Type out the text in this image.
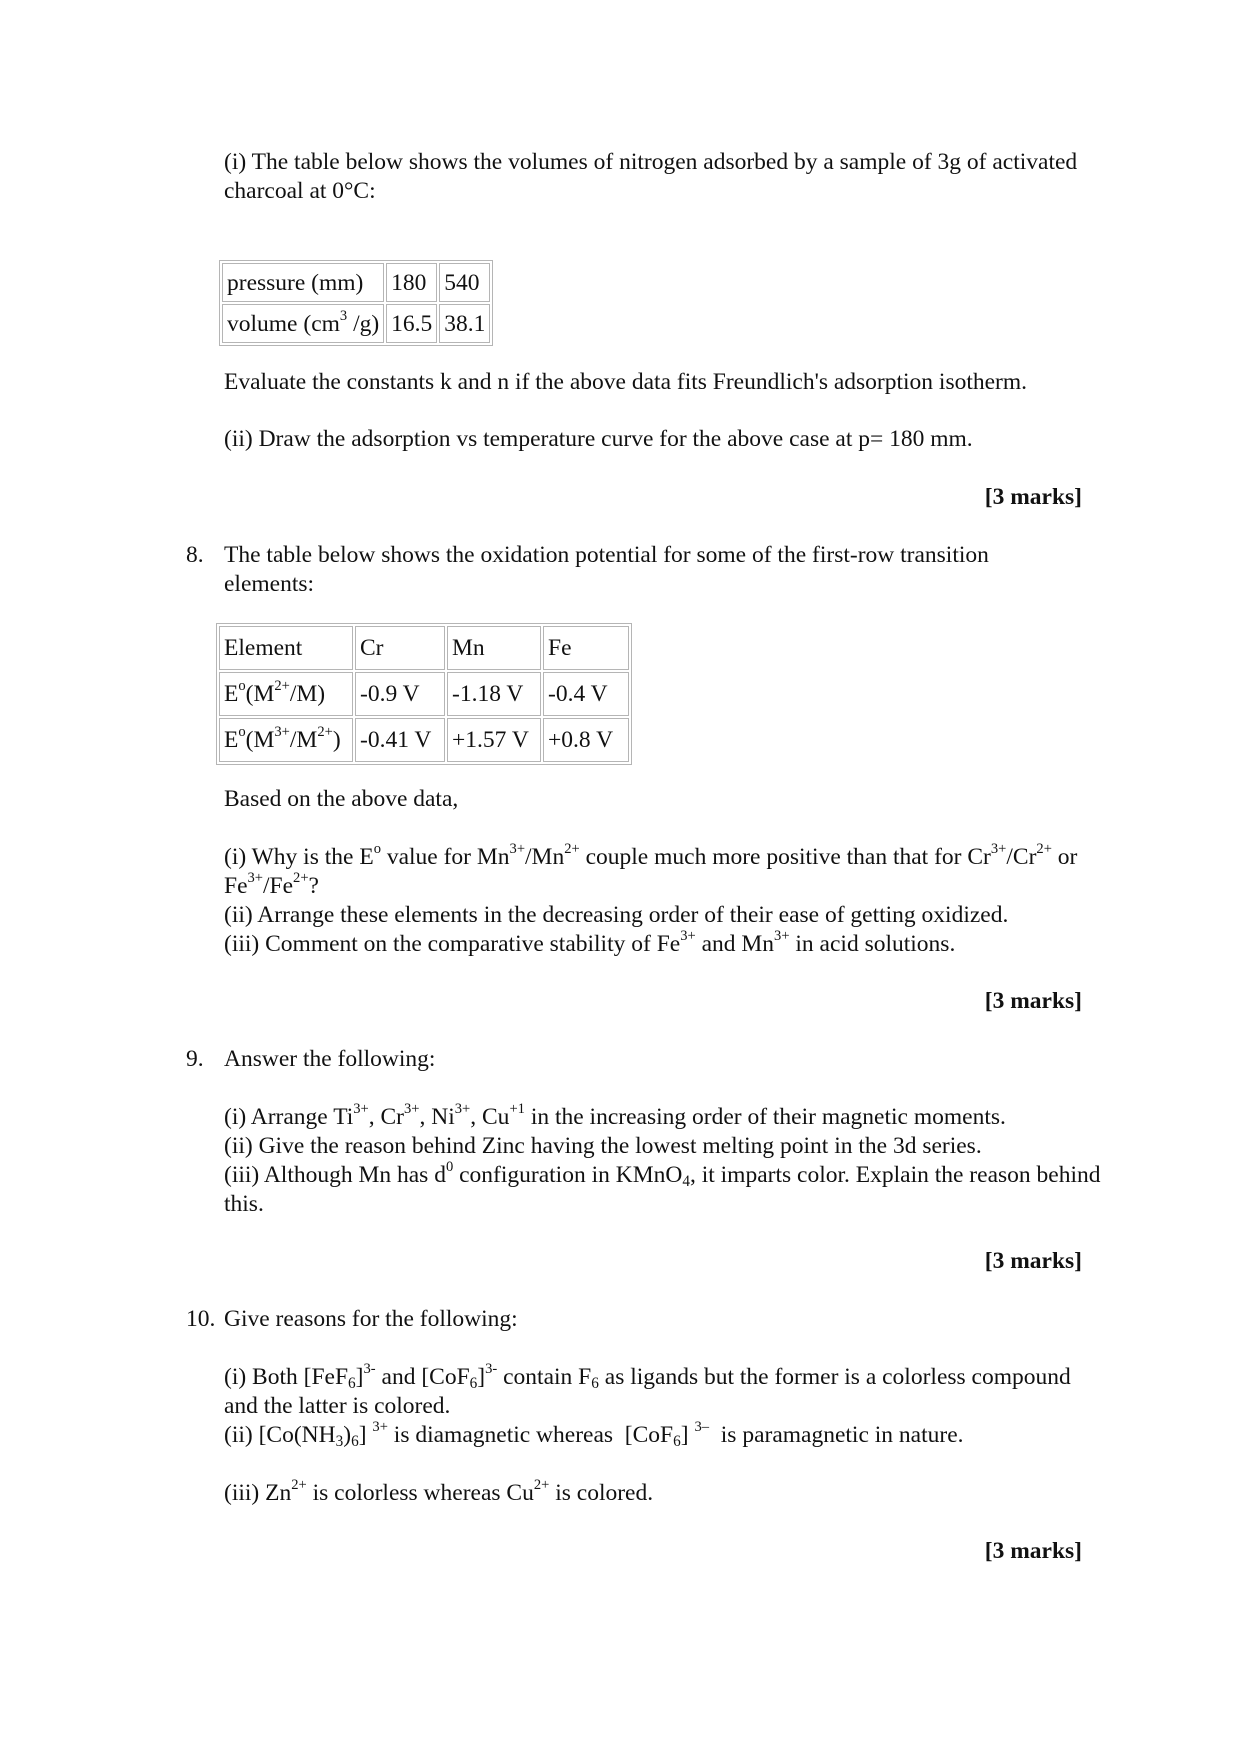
(i) The table below shows the volumes of nitrogen adsorbed by a sample of 3g of activated charcoal at 0°C:

pressure (mm)	180	540
volume ($cm^3$ /g)	16.5	38.1

Evaluate the constants k and n if the above data fits Freundlich's adsorption isotherm.

(ii) Draw the adsorption vs temperature curve for the above case at p= 180 mm.

[3 marks]

8. The table below shows the oxidation potential for some of the first-row transition elements:

Element	Cr	Mn	Fe
$E^o(M^{2+}/M)$	-0.9 V	-1.18 V	-0.4 V
$E^o(M^{3+}/M^{2+})$	-0.41 V	+1.57 V	+0.8 V

Based on the above data,

(i) Why is the $E^o$ value for $Mn^{3+}/Mn^{2+}$ couple much more positive than that for $Cr^{3+}/Cr^{2+}$ or $Fe^{3+}/Fe^{2+}$?

(ii) Arrange these elements in the decreasing order of their ease of getting oxidized.

(iii) Comment on the comparative stability of $Fe^{3+}$ and $Mn^{3+}$ in acid solutions.

[3 marks]

9. Answer the following:

(i) Arrange $Ti^{3+}$, $Cr^{3+}$, $Ni^{3+}$, $Cu^{+1}$ in the increasing order of their magnetic moments.

(ii) Give the reason behind Zinc having the lowest melting point in the 3d series.

(iii) Although Mn has $d^0$ configuration in KMnO$_4$, it imparts color. Explain the reason behind this.

[3 marks]

10. Give reasons for the following:

(i) Both $[FeF_6]^{3-}$ and $[CoF_6]^{3-}$ contain $F_6$ as ligands but the former is a colorless compound and the latter is colored.

(ii) $[Co(NH_3)_6]$ $^{3+}$ is diamagnetic whereas  [CoF$_6$] $^{3-}$  is paramagnetic in nature.

(iii) $Zn^{2+}$ is colorless whereas $Cu^{2+}$ is colored.

[3 marks]
